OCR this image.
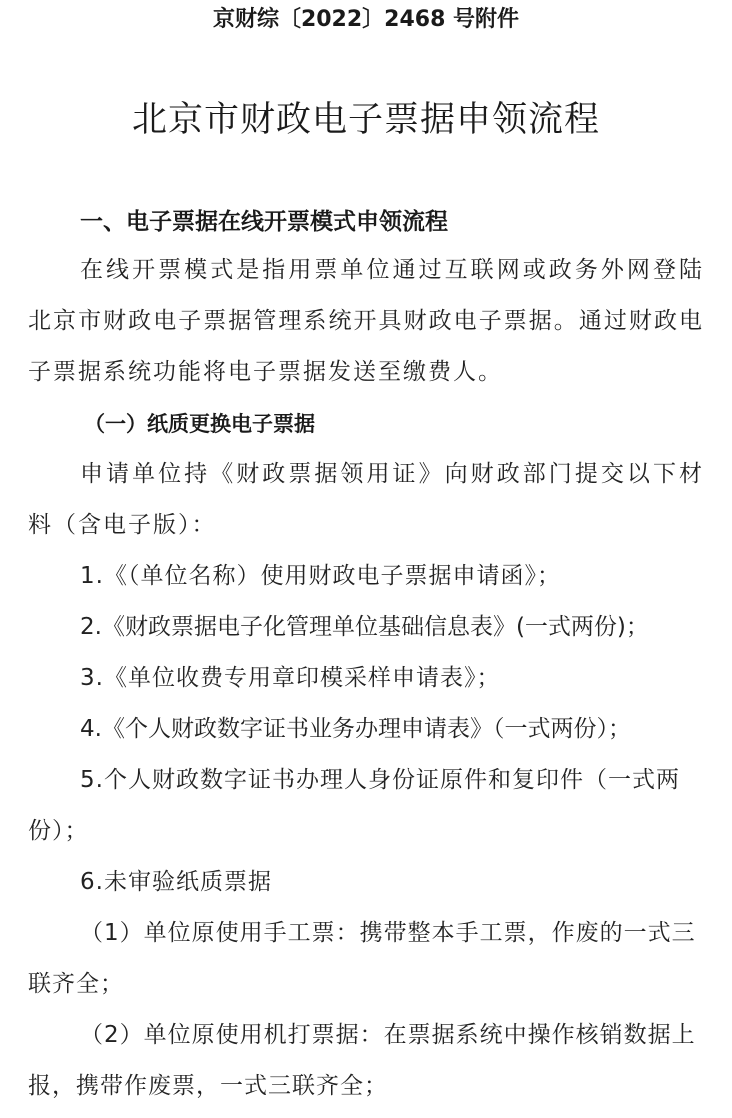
京财综〔2022〕2468 号附件
北京市财政电子票据申领流程
一、电子票据在线开票模式申领流程

在线开票模式是指用票单位通过互联网或政务外网登陆北京市财政电子票据管理系统开具财政电子票据。通过财政电子票据系统功能将电子票据发送至缴费人。

（一）纸质更换电子票据

申请单位持《财政票据领用证》向财政部门提交以下材料（含电子版）：

1.《（单位名称）使用财政电子票据申请函》；

2.《财政票据电子化管理单位基础信息表》(一式两份)；

3.《单位收费专用章印模采样申请表》；

4.《个人财政数字证书业务办理申请表》（一式两份）；

5.个人财政数字证书办理人身份证原件和复印件（一式两份）；

6.未审验纸质票据

（1）单位原使用手工票：携带整本手工票，作废的一式三联齐全；

（2）单位原使用机打票据：在票据系统中操作核销数据上报，携带作废票，一式三联齐全；
